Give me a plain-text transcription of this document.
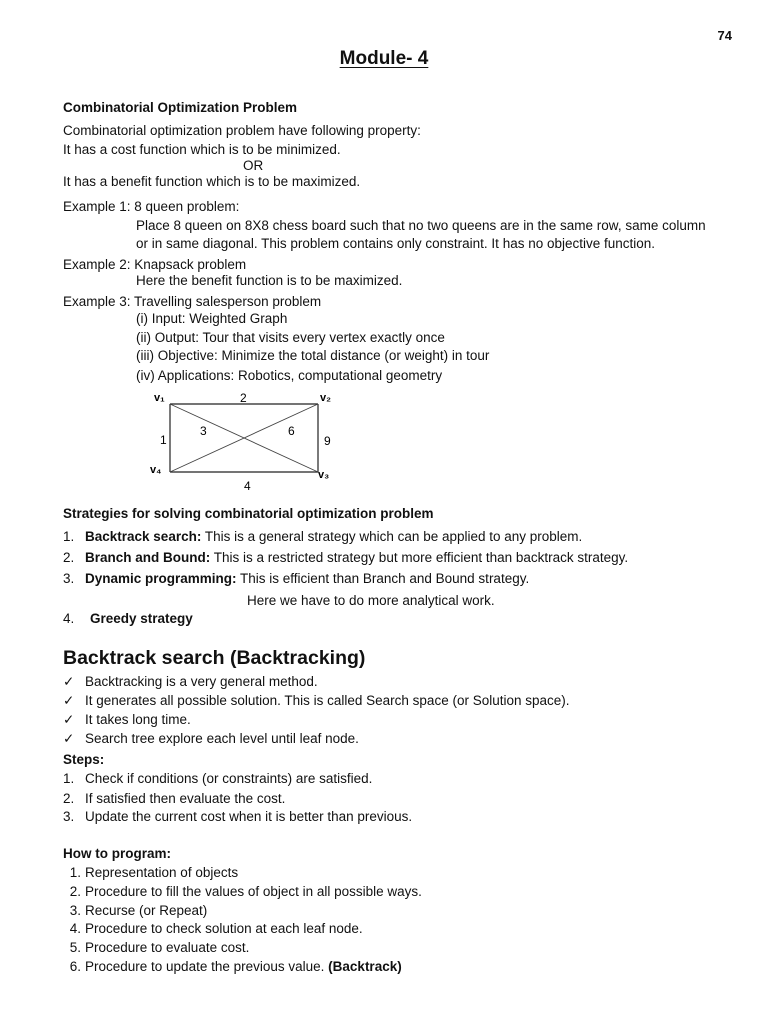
74
Module- 4
Combinatorial Optimization Problem
Combinatorial optimization problem have following property:
It has a cost function which is to be minimized.
OR
It has a benefit function which is to be maximized.
Example 1: 8 queen problem:
Place 8 queen on 8X8 chess board such that no two queens are in the same row, same column
or in same diagonal. This problem contains only constraint. It has no objective function.
Example 2: Knapsack problem
Here the benefit function is to be maximized.
Example 3: Travelling salesperson problem
(i) Input: Weighted Graph
(ii) Output: Tour that visits every vertex exactly once
(iii) Objective: Minimize the total distance (or weight) in tour
(iv) Applications: Robotics, computational geometry
v₁	v₂
v₃
v₄
2
9
4
1
3	6
Strategies for solving combinatorial optimization problem
1. Backtrack search: This is a general strategy which can be applied to any problem.
2. Branch and Bound: This is a restricted strategy but more efficient than backtrack strategy.
3. Dynamic programming: This is efficient than Branch and Bound strategy.
Here we have to do more analytical work.
4. Greedy strategy
Backtrack search (Backtracking)
✓ Backtracking is a very general method.
✓ It generates all possible solution. This is called Search space (or Solution space).
✓ It takes long time.
✓ Search tree explore each level until leaf node.
Steps:
1. Check if conditions (or constraints) are satisfied.
2. If satisfied then evaluate the cost.
3. Update the current cost when it is better than previous.
How to program:
1. Representation of objects
2. Procedure to fill the values of object in all possible ways.
3. Recurse (or Repeat)
4. Procedure to check solution at each leaf node.
5. Procedure to evaluate cost.
6. Procedure to update the previous value. (Backtrack)
